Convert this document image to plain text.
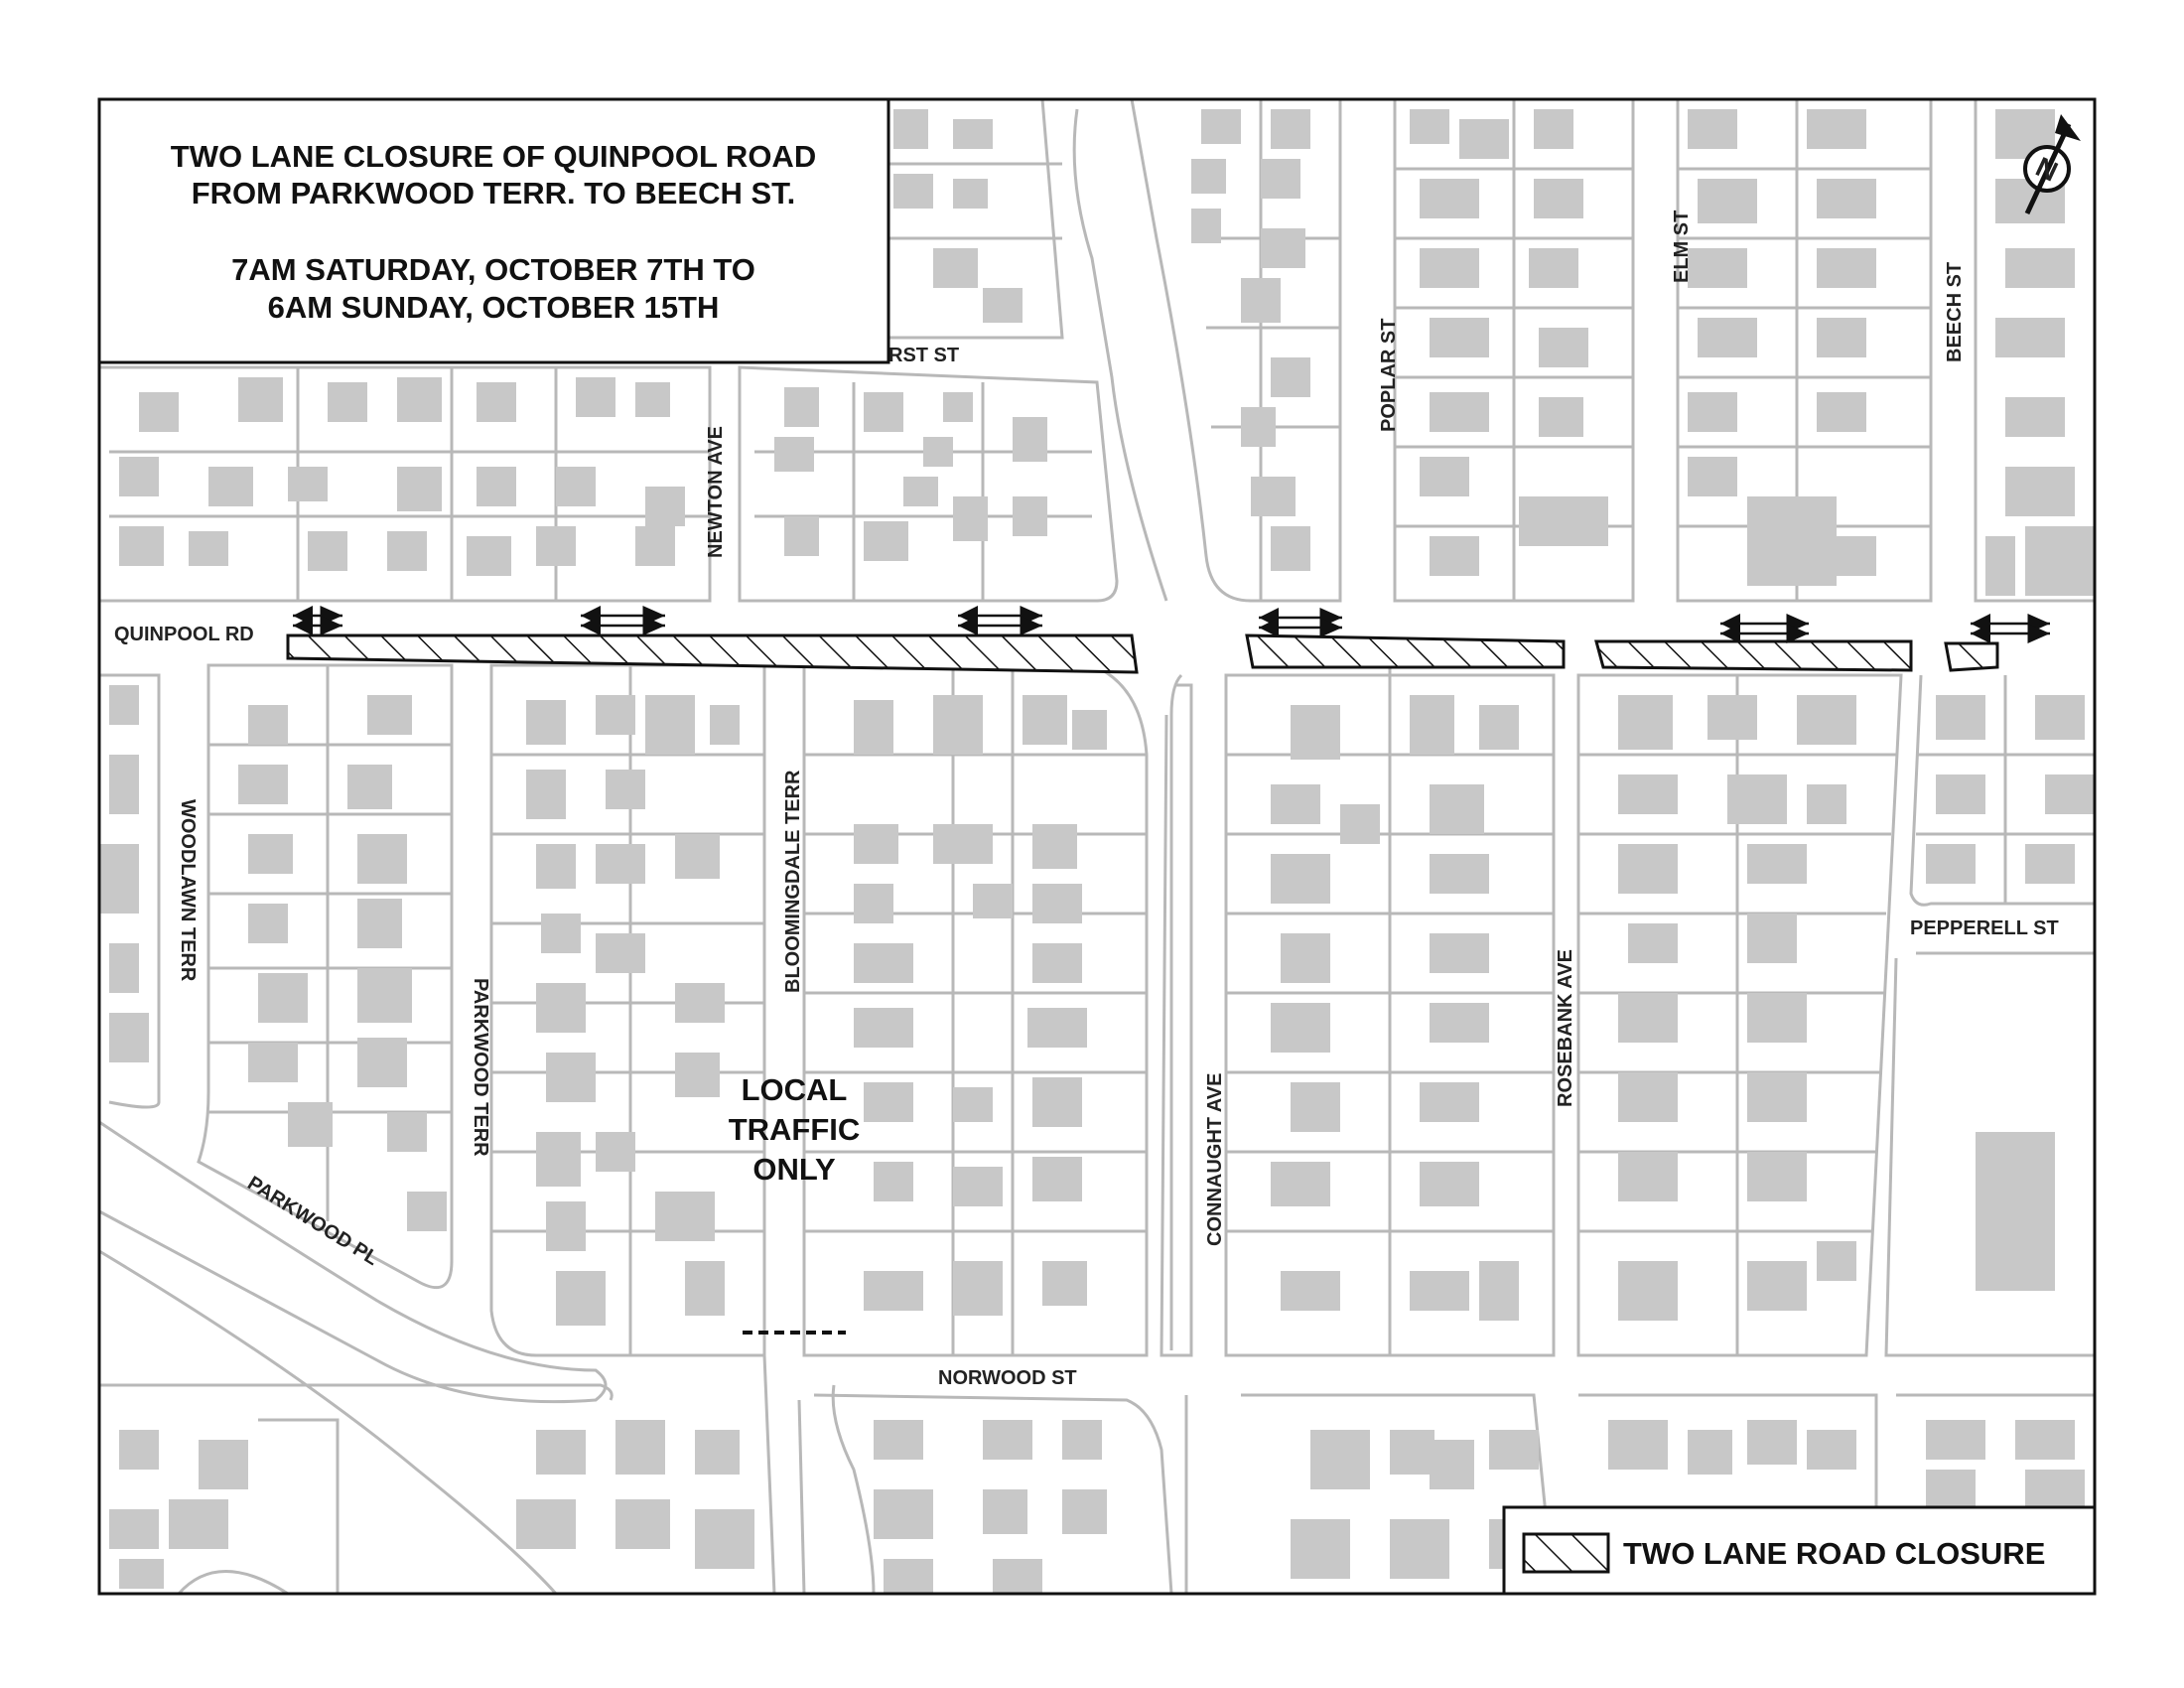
QUINPOOL RD
NEWTON AVE
RST ST	POPLAR ST
ELM ST
BEECH ST
WOODLAWN TERR
PARKWOOD TERR
PARKWOOD PL
BLOOMINGDALE TERR
CONNAUGHT AVE
ROSEBANK AVE
PEPPERELL ST
NORWOOD ST
LOCAL
TRAFFIC
ONLY
TWO LANE CLOSURE OF QUINPOOL ROAD
FROM PARKWOOD TERR. TO BEECH ST.
7AM SATURDAY, OCTOBER 7TH TO
6AM SUNDAY, OCTOBER 15TH
N
TWO LANE ROAD CLOSURE
